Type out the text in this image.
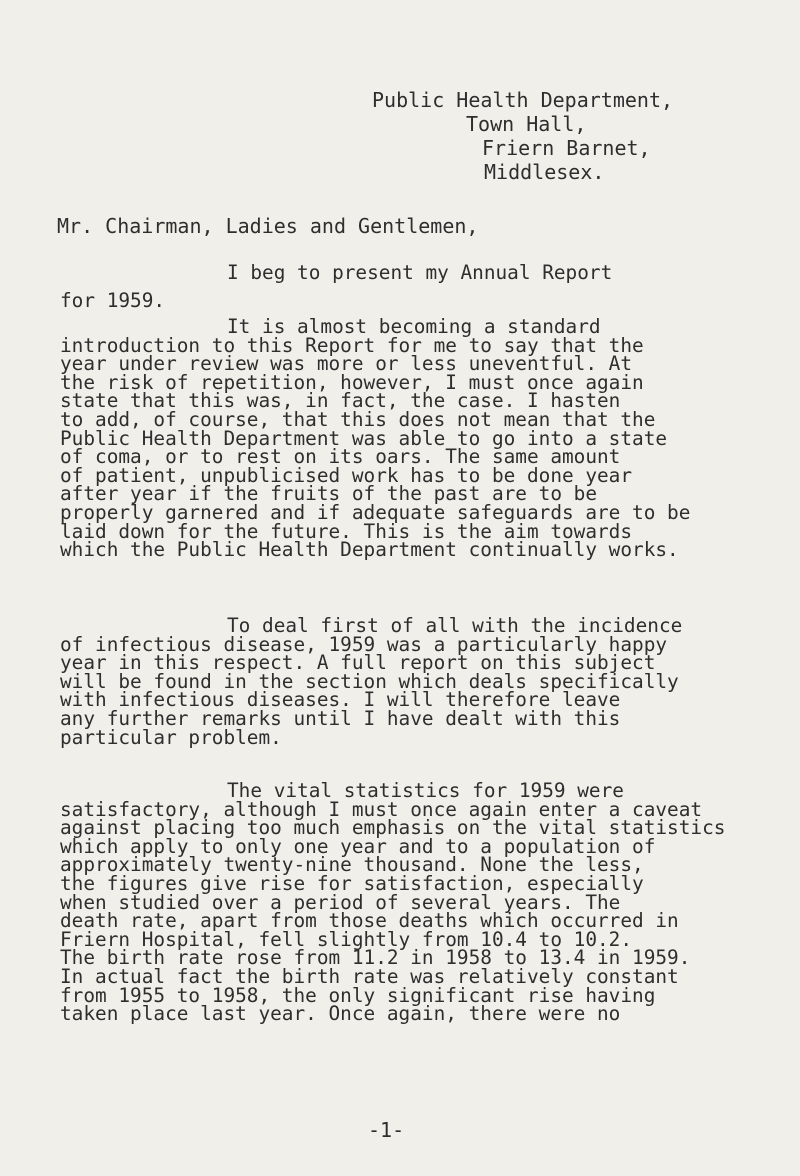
Public Health Department,
Town Hall,
Friern Barnet,
Middlesex.
Mr. Chairman, Ladies and Gentlemen,
I beg to present my Annual Report
for 1959.
It is almost becoming a standard
introduction to this Report for me to say that the
year under review was more or less uneventful. At
the risk of repetition, however, I must once again
state that this was, in fact, the case. I hasten
to add, of course, that this does not mean that the
Public Health Department was able to go into a state
of coma, or to rest on its oars. The same amount
of patient, unpublicised work has to be done year
after year if the fruits of the past are to be
properly garnered and if adequate safeguards are to be
laid down for the future. This is the aim towards
which the Public Health Department continually works.
To deal first of all with the incidence
of infectious disease, 1959 was a particularly happy
year in this respect. A full report on this subject
will be found in the section which deals specifically
with infectious diseases. I will therefore leave
any further remarks until I have dealt with this
particular problem.
The vital statistics for 1959 were
satisfactory, although I must once again enter a caveat
against placing too much emphasis on the vital statistics
which apply to only one year and to a population of
approximately twenty-nine thousand. None the less,
the figures give rise for satisfaction, especially
when studied over a period of several years. The
death rate, apart from those deaths which occurred in
Friern Hospital, fell slightly from 10.4 to 10.2.
The birth rate rose from 11.2 in 1958 to 13.4 in 1959.
In actual fact the birth rate was relatively constant
from 1955 to 1958, the only significant rise having
taken place last year. Once again, there were no
-1-
